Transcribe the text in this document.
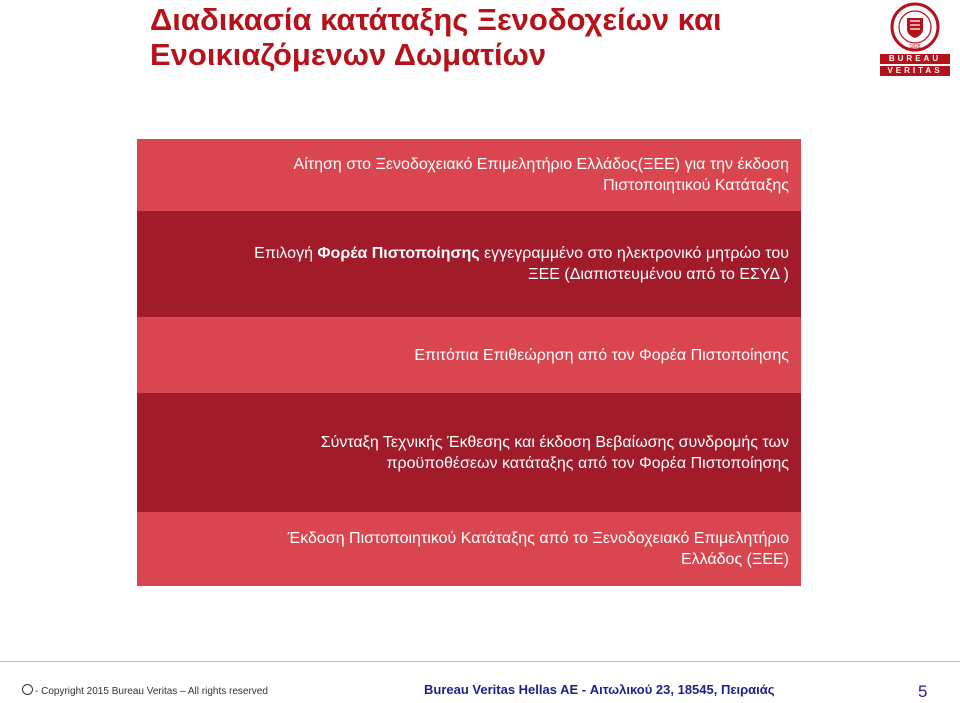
Διαδικασία κατάταξης Ξενοδοχείων και
Ενοικιαζόμενων Δωματίων	1828
BUREAU
VERITAS
Αίτηση στο Ξενοδοχειακό Επιμελητήριο Ελλάδος(ΞΕΕ) για την έκδοση
Πιστοποιητικού Κατάταξης
Επιλογή Φορέα Πιστοποίησης εγγεγραμμένο στο ηλεκτρονικό μητρώο του
ΞΕΕ (Διαπιστευμένου από το ΕΣΥΔ )
Επιτόπια Επιθεώρηση από τον Φορέα Πιστοποίησης
Σύνταξη Τεχνικής Έκθεσης και έκδοση Βεβαίωσης συνδρομής των
προϋποθέσεων κατάταξης από τον Φορέα Πιστοποίησης
Έκδοση Πιστοποιητικού Κατάταξης από το Ξενοδοχειακό Επιμελητήριο
Ελλάδος (ΞΕΕ)
- Copyright 2015 Bureau Veritas – All rights reserved	Bureau Veritas Hellas AE - Αιτωλικού 23, 18545, Πειραιάς	5
